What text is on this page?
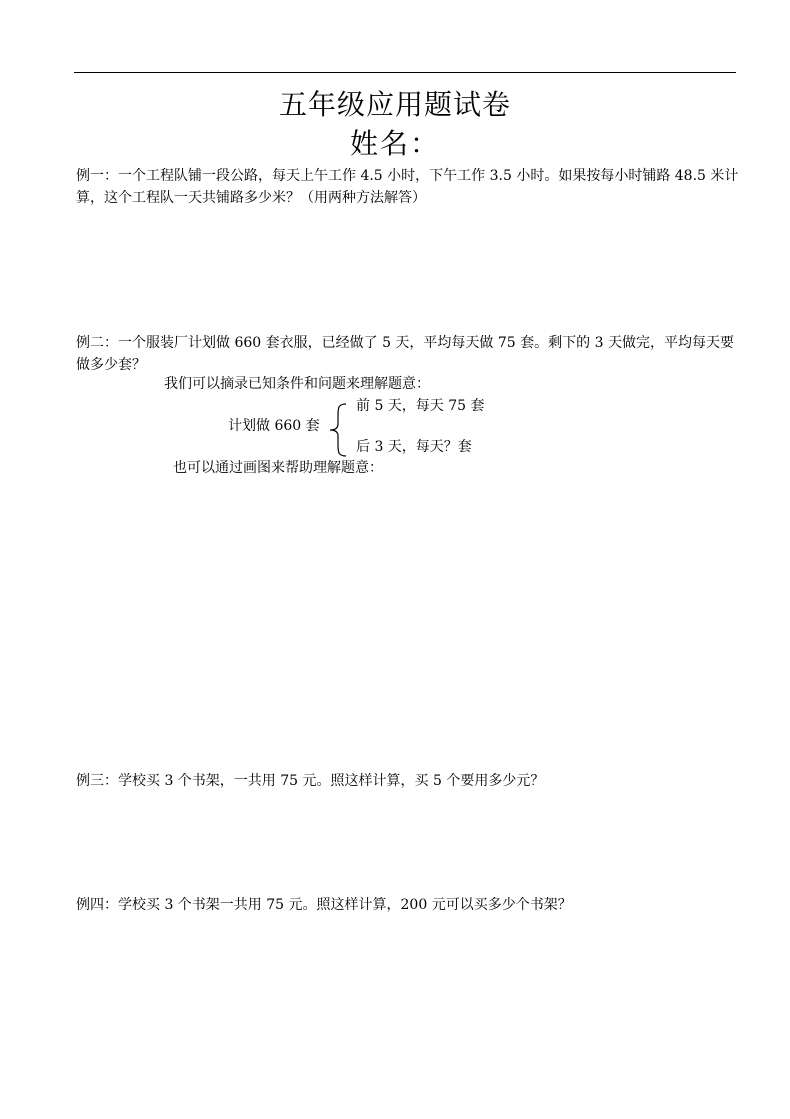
五年级应用题试卷
姓名：

例一：一个工程队铺一段公路，每天上午工作 4.5 小时，下午工作 3.5 小时。如果按每小时铺路 48.5 米计算，这个工程队一天共铺路多少米？（用两种方法解答）

例二：一个服装厂计划做 660 套衣服，已经做了 5 天，平均每天做 75 套。剩下的 3 天做完，平均每天要做多少套？

我们可以摘录已知条件和问题来理解题意：

计划做 660 套
前 5 天，每天 75 套
后 3 天，每天？套

也可以通过画图来帮助理解题意：

例三：学校买 3 个书架，一共用 75 元。照这样计算，买 5 个要用多少元？

例四：学校买 3 个书架一共用 75 元。照这样计算，200 元可以买多少个书架？
